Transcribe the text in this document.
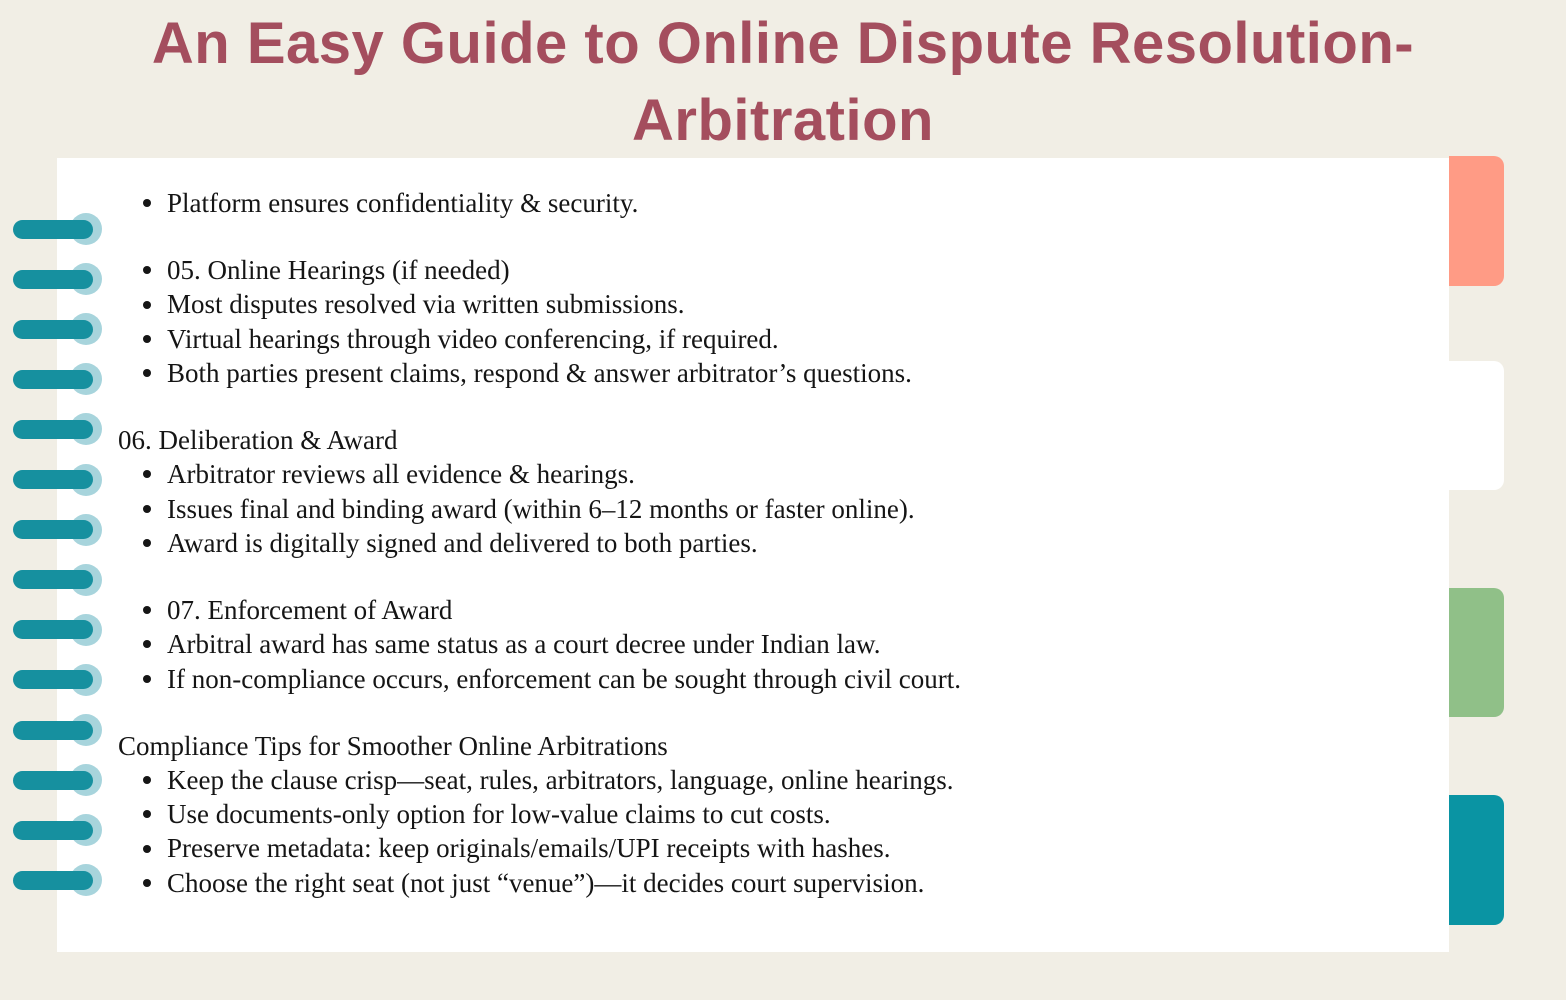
An Easy Guide to Online Dispute Resolution-
Arbitration
Platform ensures confidentiality & security.
05. Online Hearings (if needed)
Most disputes resolved via written submissions.
Virtual hearings through video conferencing, if required.
Both parties present claims, respond & answer arbitrator’s questions.
06. Deliberation & Award
Arbitrator reviews all evidence & hearings.
Issues final and binding award (within 6–12 months or faster online).
Award is digitally signed and delivered to both parties.
07. Enforcement of Award
Arbitral award has same status as a court decree under Indian law.
If non-compliance occurs, enforcement can be sought through civil court.
Compliance Tips for Smoother Online Arbitrations
Keep the clause crisp—seat, rules, arbitrators, language, online hearings.
Use documents-only option for low-value claims to cut costs.
Preserve metadata: keep originals/emails/UPI receipts with hashes.
Choose the right seat (not just “venue”)—it decides court supervision.
